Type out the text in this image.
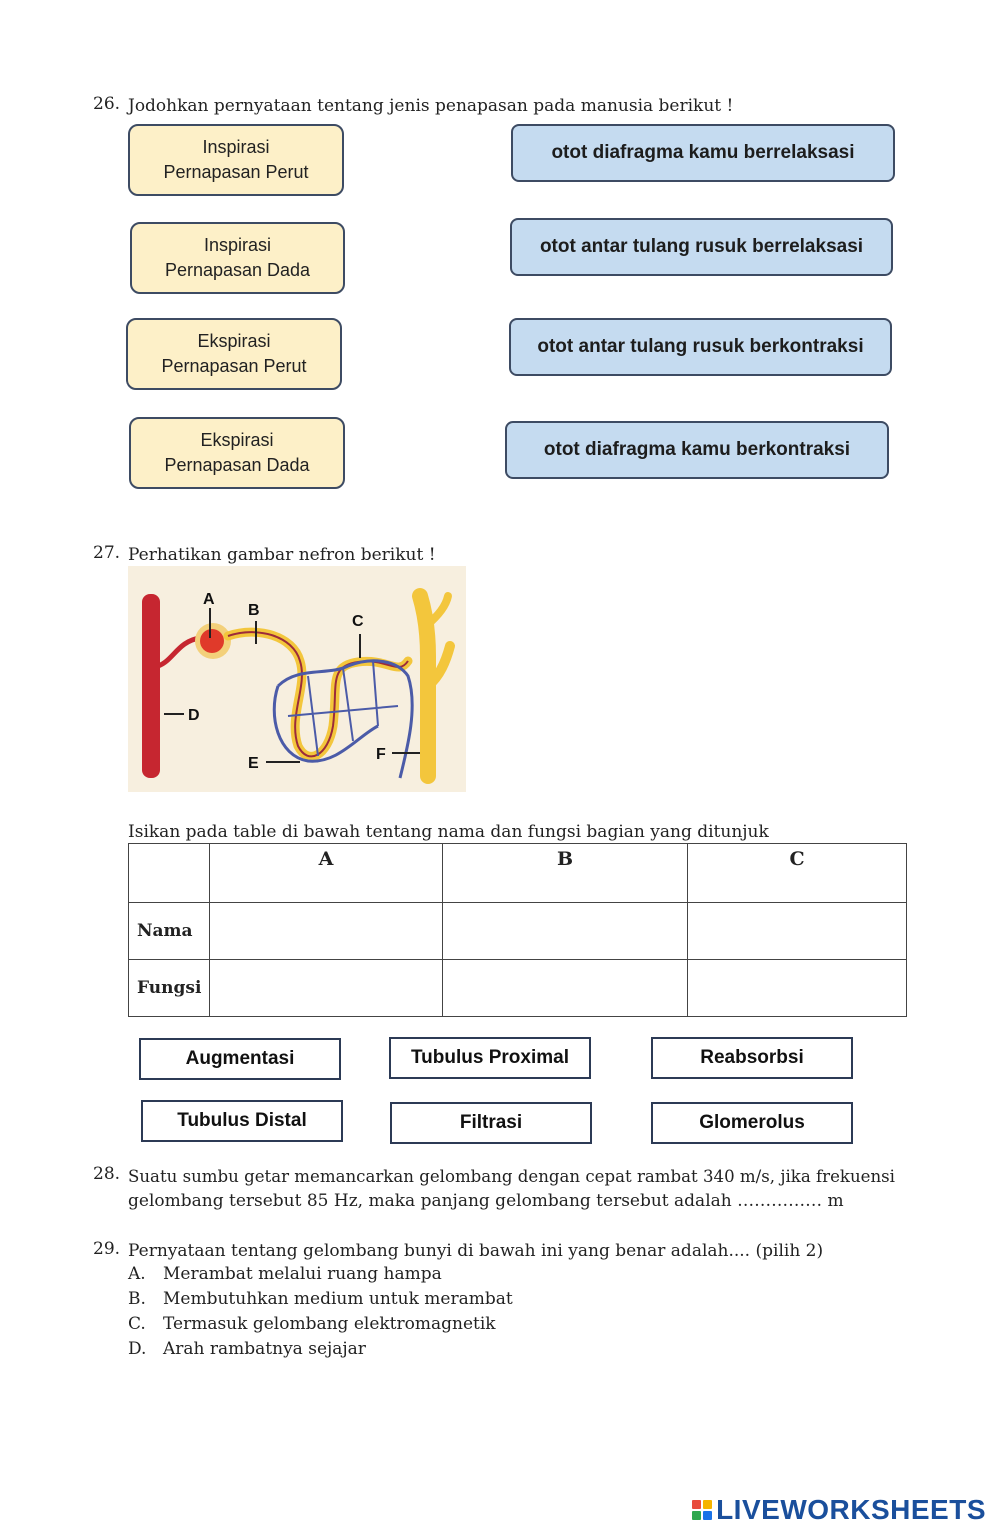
26. Jodohkan pernyataan tentang jenis penapasan pada manusia berikut !
Inspirasi
Pernapasan Perut
Inspirasi
Pernapasan Dada
Ekspirasi
Pernapasan Perut
Ekspirasi
Pernapasan Dada
otot diafragma kamu berrelaksasi
otot antar tulang rusuk berrelaksasi
otot antar tulang rusuk berkontraksi
otot diafragma kamu berkontraksi
27. Perhatikan gambar nefron berikut !
A
B
C
D
E
F
Isikan pada table di bawah tentang nama dan fungsi bagian yang ditunjuk
	A	B	C
Nama			
Fungsi			
Augmentasi	Tubulus Proximal	Reabsorbsi
Tubulus Distal	Filtrasi	Glomerolus
28. Suatu sumbu getar memancarkan gelombang dengan cepat rambat 340 m/s, jika frekuensi
gelombang tersebut 85 Hz, maka panjang gelombang tersebut adalah …………… m
29. Pernyataan tentang gelombang bunyi di bawah ini yang benar adalah.... (pilih 2)
A. Merambat melalui ruang hampa
B. Membutuhkan medium untuk merambat
C. Termasuk gelombang elektromagnetik
D. Arah rambatnya sejajar
LIVEWORKSHEETS
